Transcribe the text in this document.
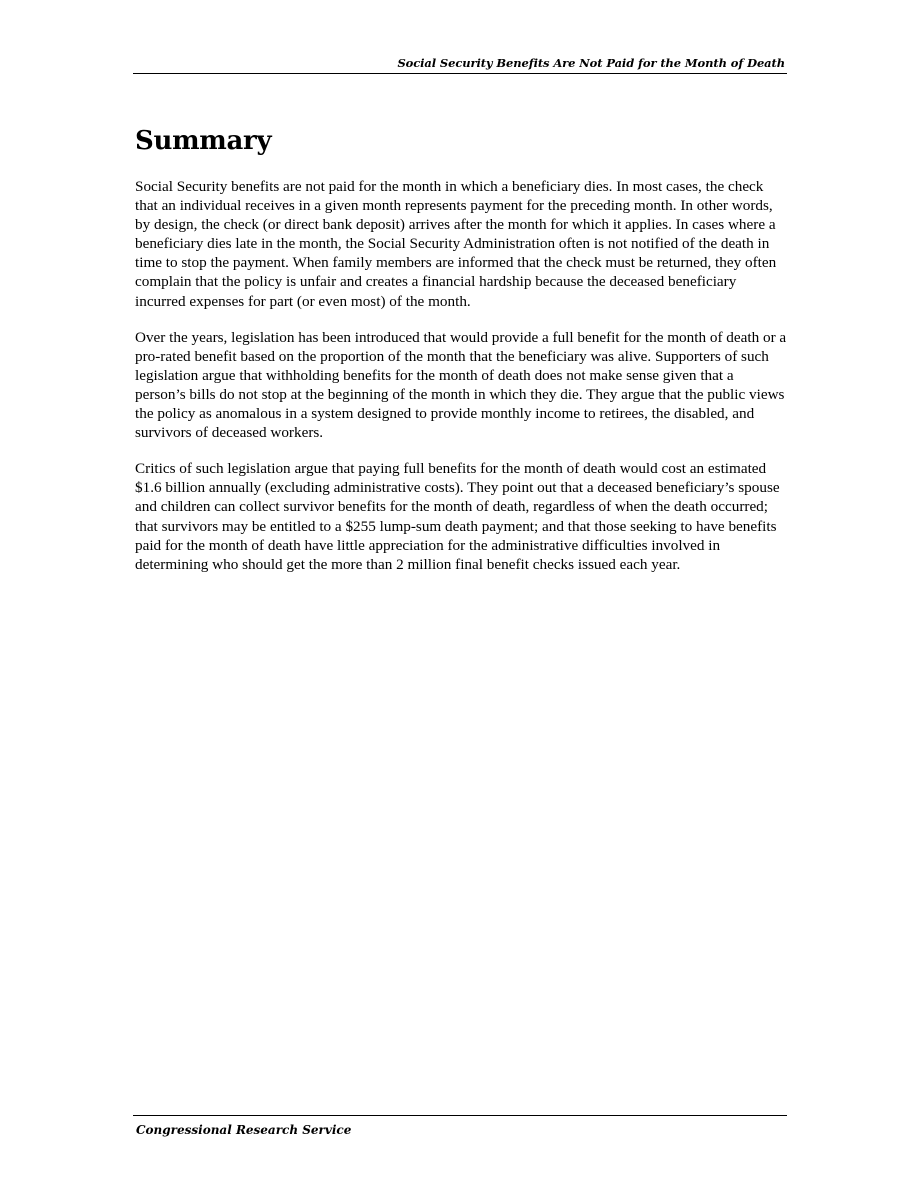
Social Security Benefits Are Not Paid for the Month of Death
Summary

Social Security benefits are not paid for the month in which a beneficiary dies. In most cases, the check that an individual receives in a given month represents payment for the preceding month. In other words, by design, the check (or direct bank deposit) arrives after the month for which it applies. In cases where a beneficiary dies late in the month, the Social Security Administration often is not notified of the death in time to stop the payment. When family members are informed that the check must be returned, they often complain that the policy is unfair and creates a financial hardship because the deceased beneficiary incurred expenses for part (or even most) of the month.

Over the years, legislation has been introduced that would provide a full benefit for the month of death or a pro-rated benefit based on the proportion of the month that the beneficiary was alive. Supporters of such legislation argue that withholding benefits for the month of death does not make sense given that a person’s bills do not stop at the beginning of the month in which they die. They argue that the public views the policy as anomalous in a system designed to provide monthly income to retirees, the disabled, and survivors of deceased workers.

Critics of such legislation argue that paying full benefits for the month of death would cost an estimated $1.6 billion annually (excluding administrative costs). They point out that a deceased beneficiary’s spouse and children can collect survivor benefits for the month of death, regardless of when the death occurred; that survivors may be entitled to a $255 lump-sum death payment; and that those seeking to have benefits paid for the month of death have little appreciation for the administrative difficulties involved in determining who should get the more than 2 million final benefit checks issued each year.

Congressional Research Service
